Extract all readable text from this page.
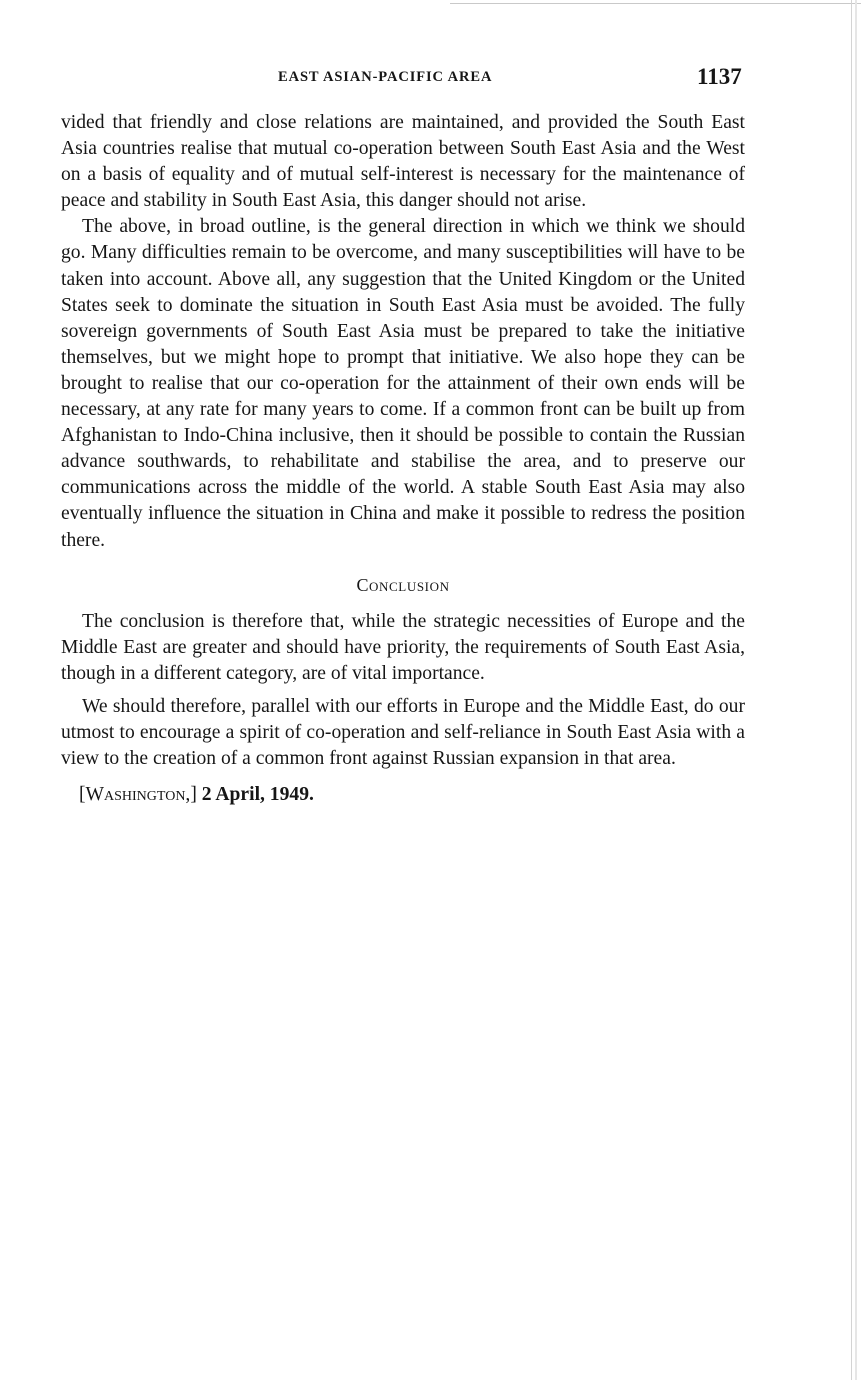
EAST ASIAN-PACIFIC AREA	1137

vided that friendly and close relations are maintained, and provided the South East Asia countries realise that mutual co-operation between South East Asia and the West on a basis of equality and of mutual self-interest is necessary for the maintenance of peace and stability in South East Asia, this danger should not arise.

The above, in broad outline, is the general direction in which we think we should go. Many difficulties remain to be overcome, and many susceptibilities will have to be taken into account. Above all, any suggestion that the United Kingdom or the United States seek to dominate the situation in South East Asia must be avoided. The fully sovereign governments of South East Asia must be prepared to take the initiative themselves, but we might hope to prompt that initiative. We also hope they can be brought to realise that our co-operation for the attainment of their own ends will be necessary, at any rate for many years to come. If a common front can be built up from Afghanistan to Indo-China inclusive, then it should be possible to contain the Russian advance southwards, to rehabilitate and stabilise the area, and to preserve our communications across the middle of the world. A stable South East Asia may also eventually influence the situation in China and make it possible to redress the position there.

Conclusion

The conclusion is therefore that, while the strategic necessities of Europe and the Middle East are greater and should have priority, the requirements of South East Asia, though in a different category, are of vital importance.

We should therefore, parallel with our efforts in Europe and the Middle East, do our utmost to encourage a spirit of co-operation and self-reliance in South East Asia with a view to the creation of a common front against Russian expansion in that area.

[Washington,] 2 April, 1949.
